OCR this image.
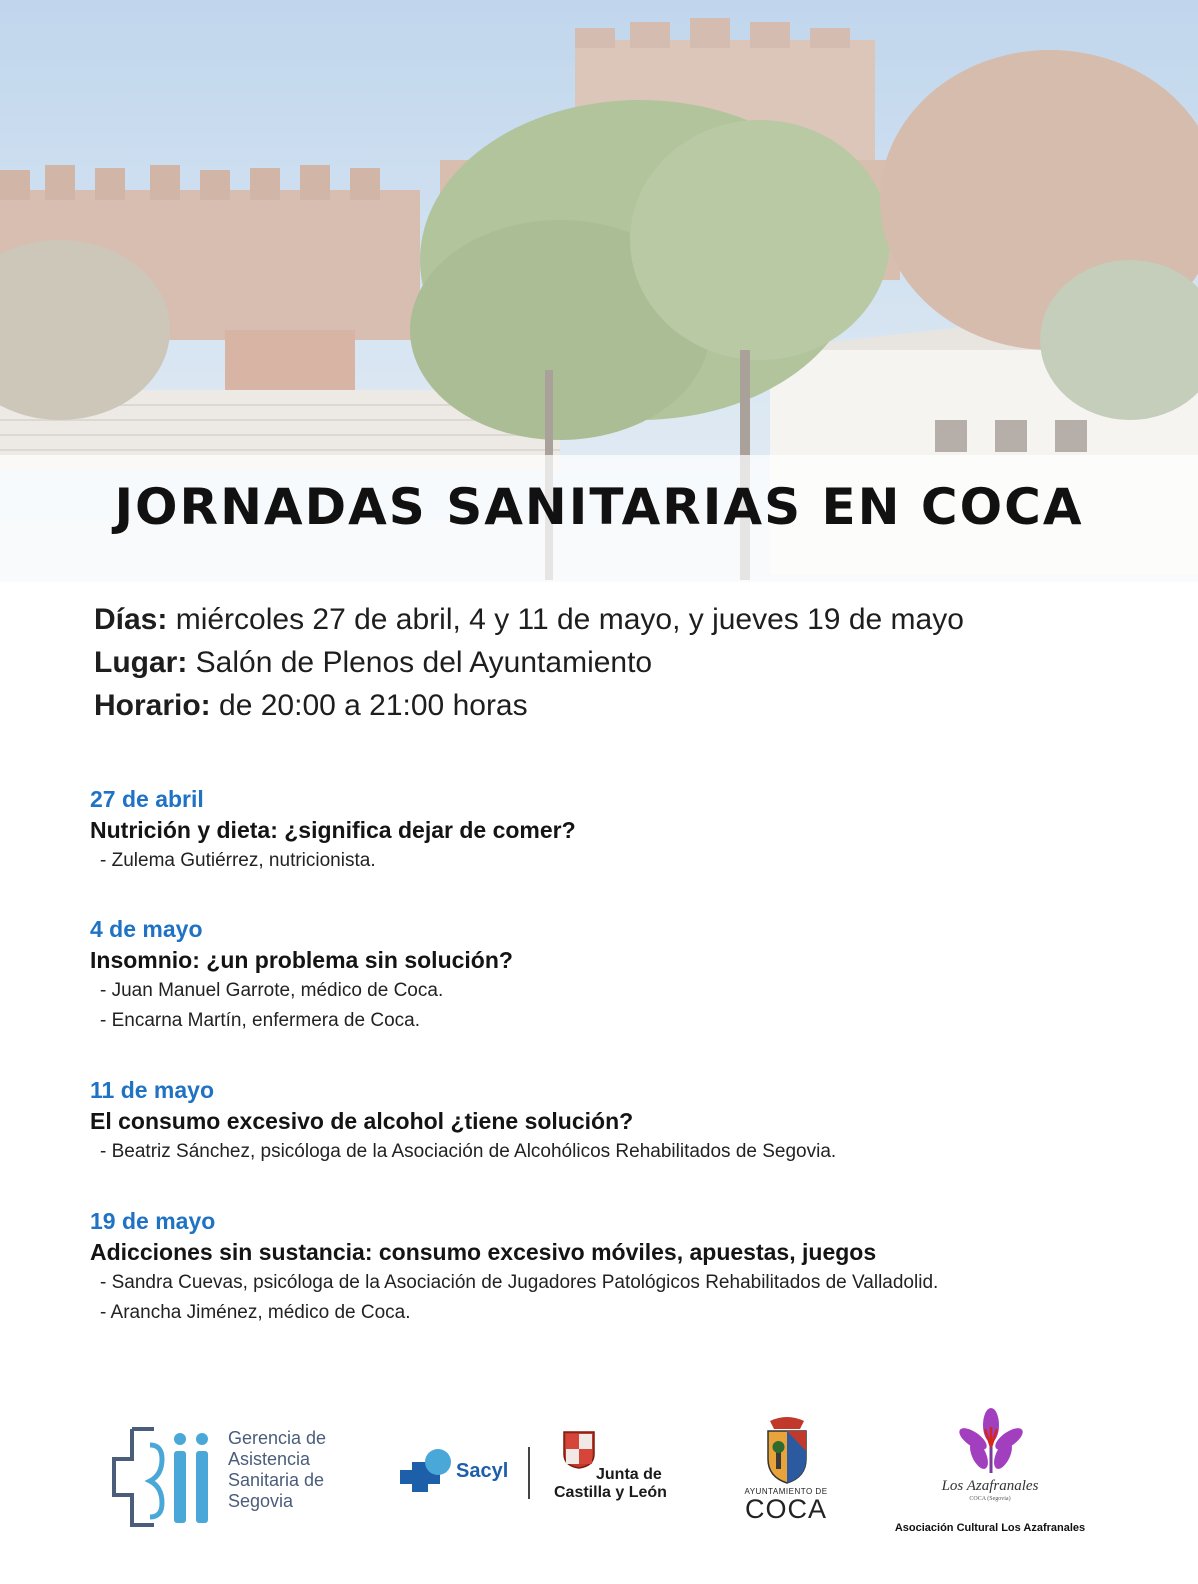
JORNADAS SANITARIAS EN COCA
Días: miércoles 27 de abril, 4 y 11 de mayo, y jueves 19 de mayo
Lugar: Salón de Plenos del Ayuntamiento
Horario: de 20:00 a 21:00 horas
27 de abril
Nutrición y dieta: ¿significa dejar de comer?
- Zulema Gutiérrez, nutricionista.
4 de mayo
Insomnio: ¿un problema sin solución?
- Juan Manuel Garrote, médico de Coca.
- Encarna Martín, enfermera de Coca.
11 de mayo
El consumo excesivo de alcohol ¿tiene solución?
- Beatriz Sánchez, psicóloga de la Asociación de Alcohólicos Rehabilitados de Segovia.
19 de mayo
Adicciones sin sustancia: consumo excesivo móviles, apuestas, juegos
- Sandra Cuevas, psicóloga de la Asociación de Jugadores Patológicos Rehabilitados de Valladolid.
- Arancha Jiménez, médico de Coca.
Gerencia de
Asistencia
Sanitaria de
Segovia
Sacyl	Junta de
Castilla y León	AYUNTAMIENTO DE
COCA
Los Azafranales
COCA (Segovia)
Asociación Cultural Los Azafranales
